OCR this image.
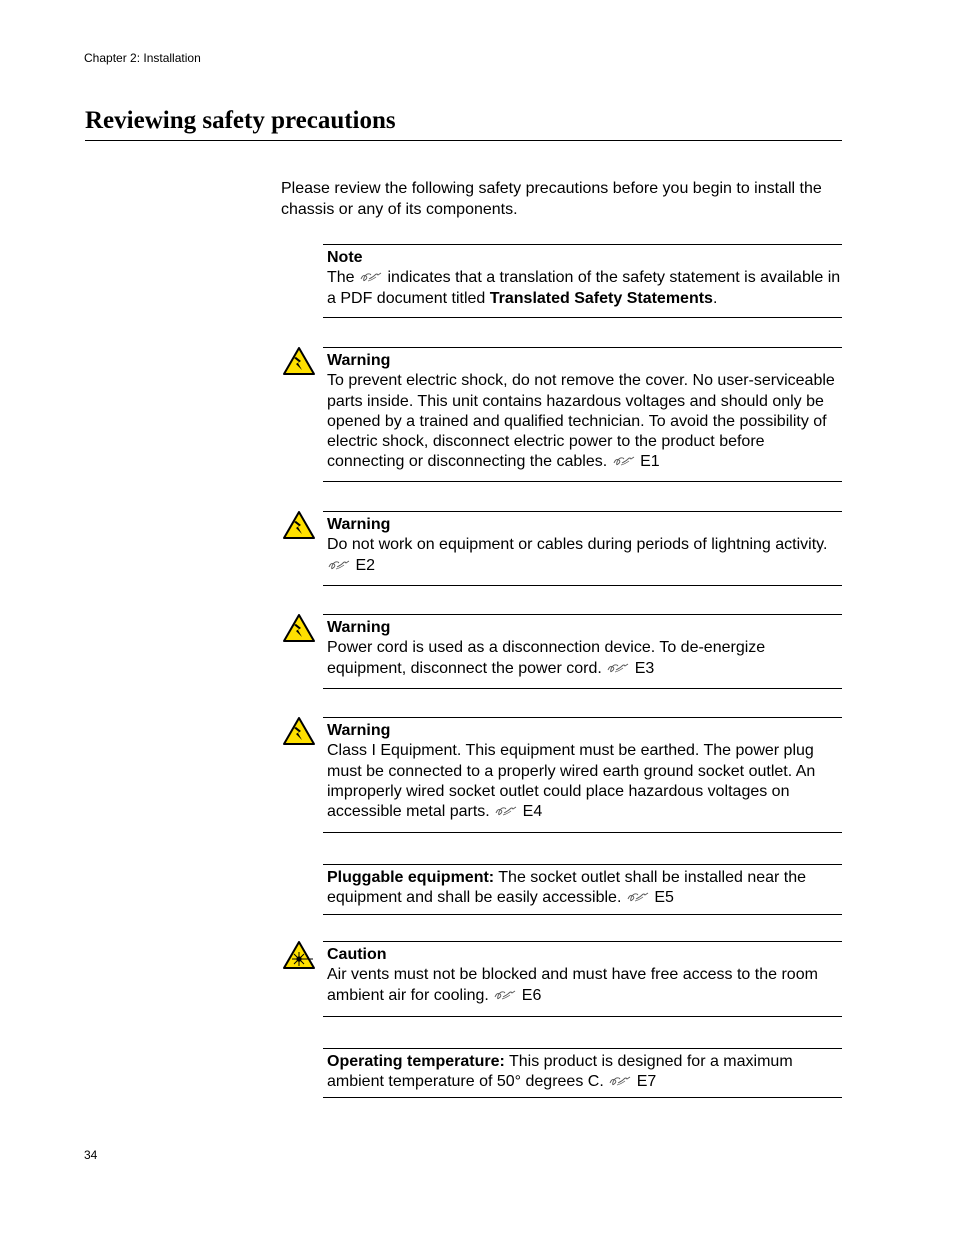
Chapter 2: Installation
Reviewing safety precautions

Please review the following safety precautions before you begin to install the chassis or any of its components.

Note
The indicates that a translation of the safety statement is available in a PDF document titled Translated Safety Statements.
Warning
To prevent electric shock, do not remove the cover. No user-serviceable parts inside. This unit contains hazardous voltages and should only be opened by a trained and qualified technician. To avoid the possibility of electric shock, disconnect electric power to the product before connecting or disconnecting the cables. E1
Warning
Do not work on equipment or cables during periods of lightning activity.  E2
Warning
Power cord is used as a disconnection device. To de-energize equipment, disconnect the power cord. E3
Warning
Class I Equipment. This equipment must be earthed. The power plug must be connected to a properly wired earth ground socket outlet. An improperly wired socket outlet could place hazardous voltages on accessible metal parts. E4
Pluggable equipment: The socket outlet shall be installed near the equipment and shall be easily accessible. E5
Caution
Air vents must not be blocked and must have free access to the room ambient air for cooling. E6
Operating temperature: This product is designed for a maximum ambient temperature of 50° degrees C. E7
34
